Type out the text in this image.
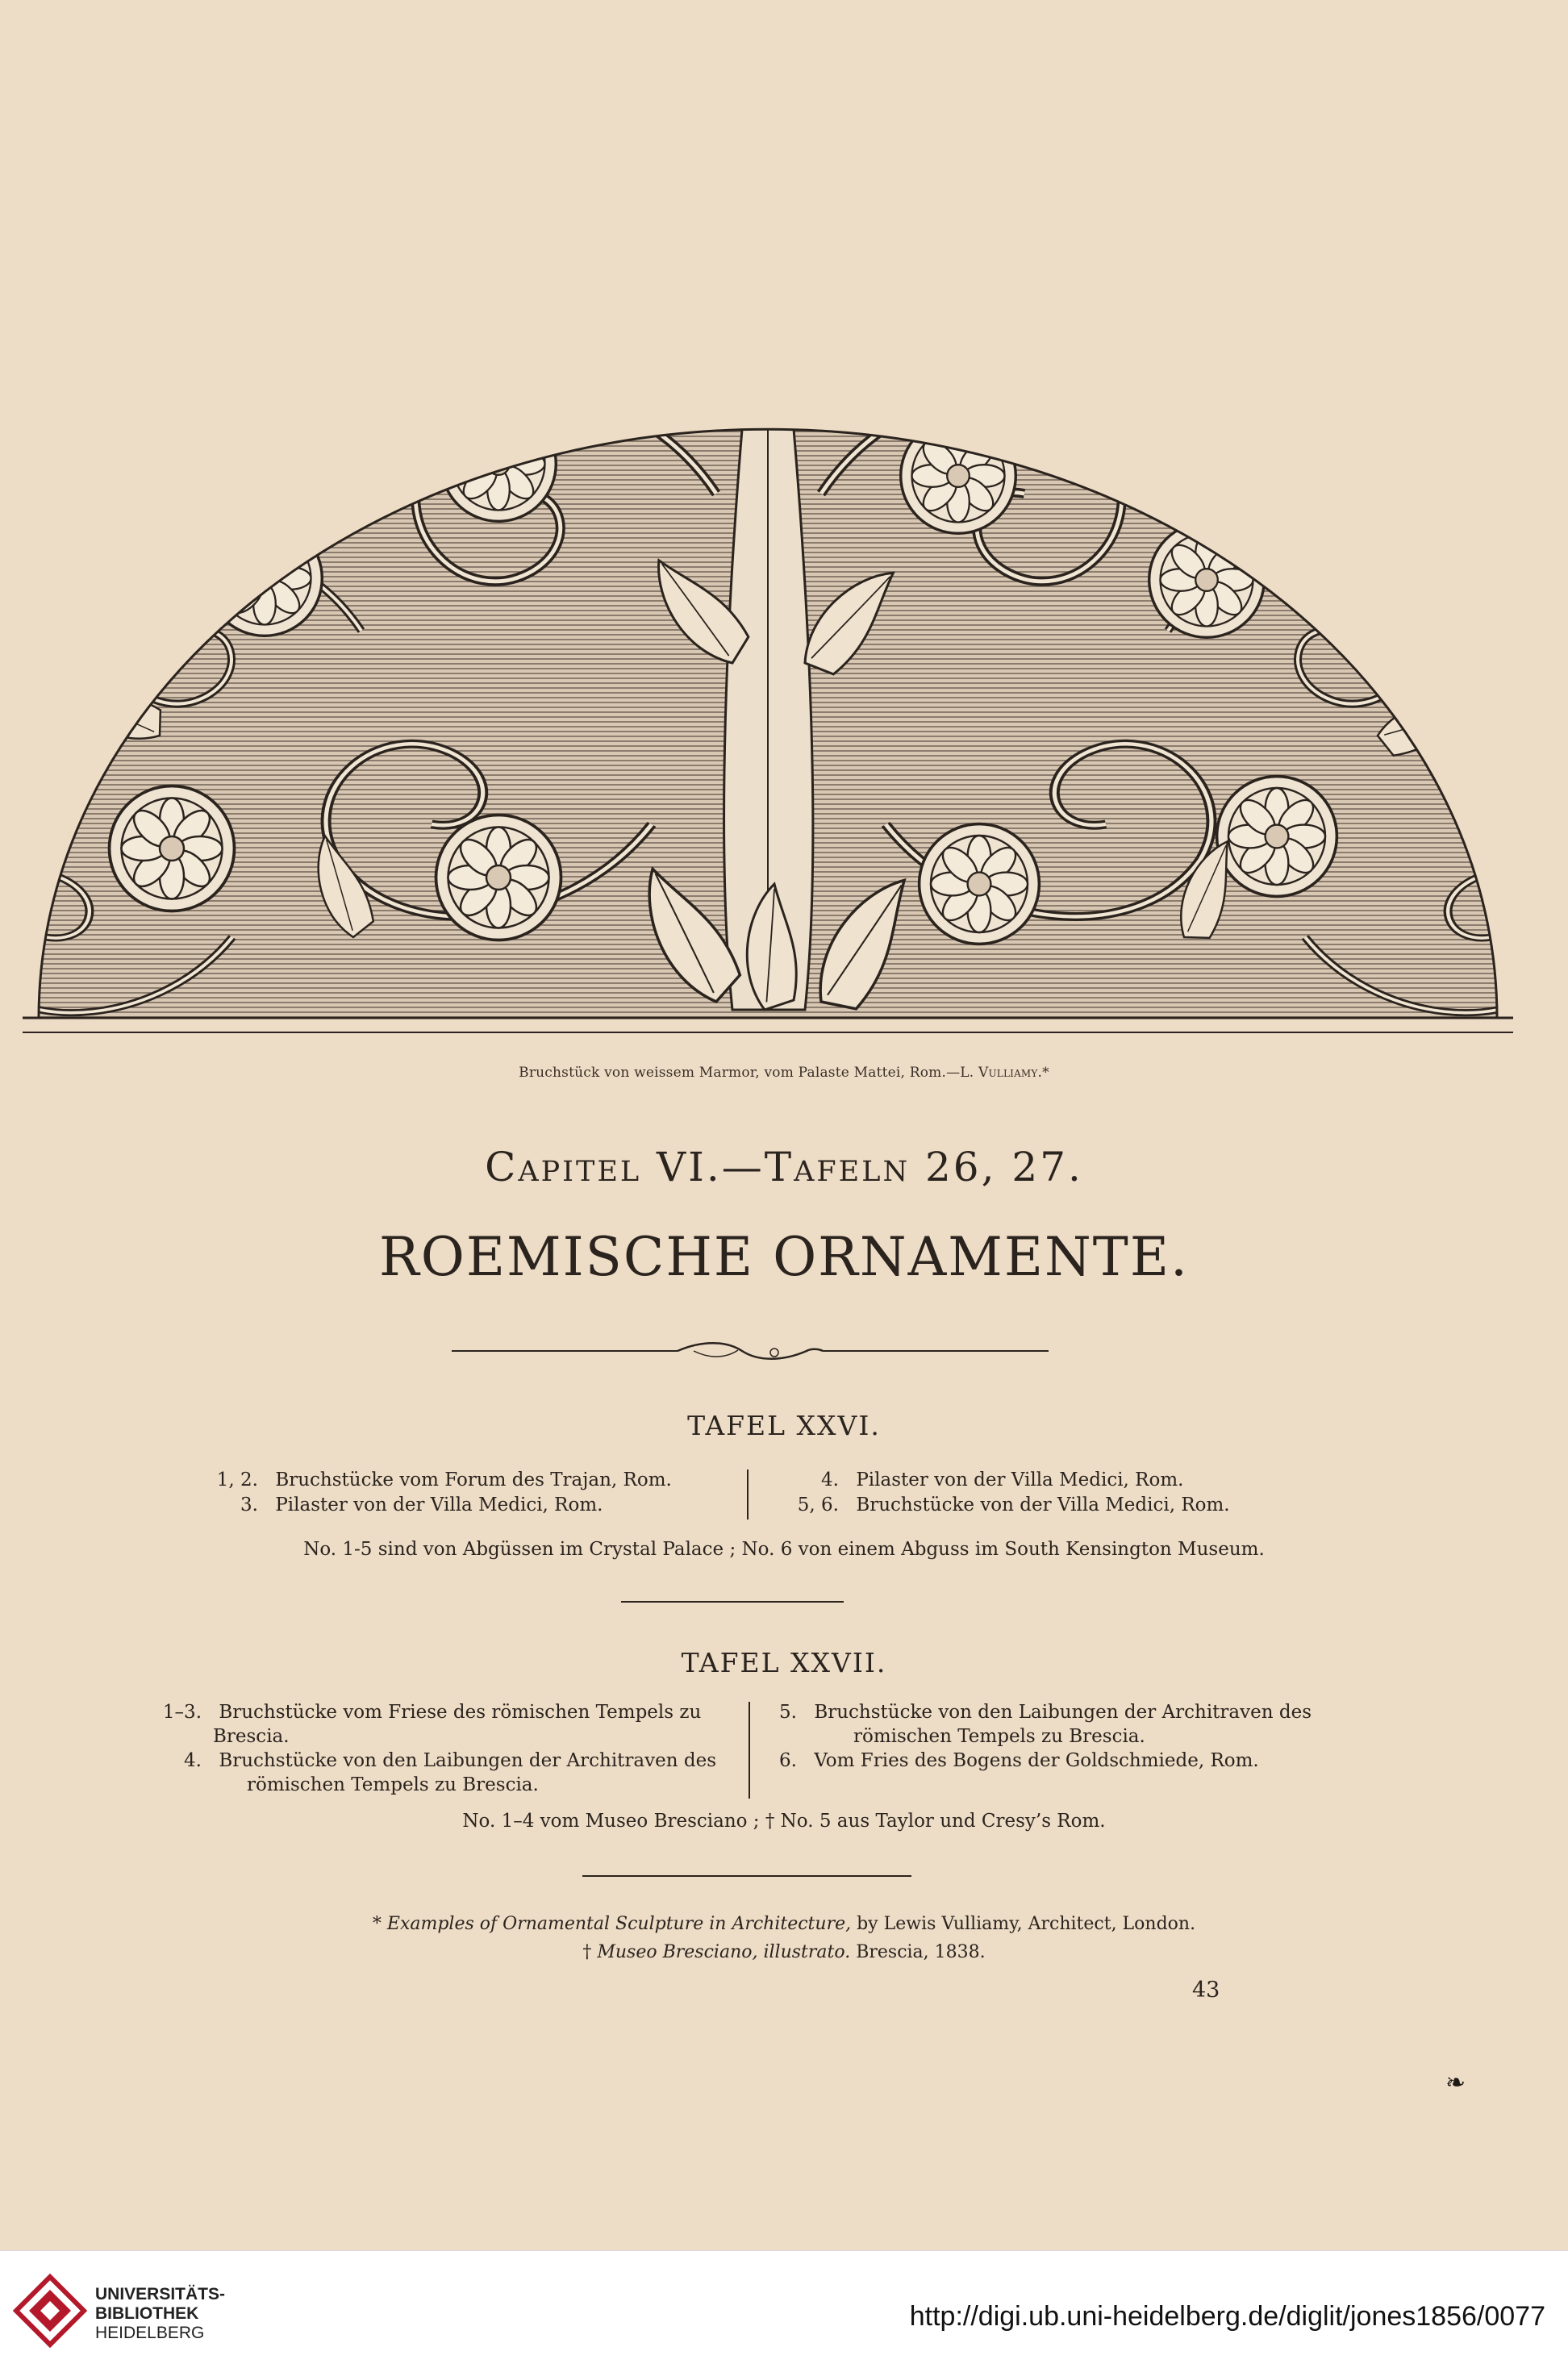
Bruchstück von weissem Marmor, vom Palaste Mattei, Rom.—L. Vulliamy.*
Capitel VI.—Tafeln 26, 27.
ROEMISCHE ORNAMENTE.
TAFEL XXVI.
1, 2. Bruchstücke vom Forum des Trajan, Rom.
3. Pilaster von der Villa Medici, Rom.
4. Pilaster von der Villa Medici, Rom.
5, 6. Bruchstücke von der Villa Medici, Rom.
No. 1-5 sind von Abgüssen im Crystal Palace ; No. 6 von einem Abguss im South Kensington Museum.
TAFEL XXVII.
1–3. Bruchstücke vom Friese des römischen Tempels zu
Brescia.
4. Bruchstücke von den Laibungen der Architraven des
römischen Tempels zu Brescia.
5. Bruchstücke von den Laibungen der Architraven des
römischen Tempels zu Brescia.
6. Vom Fries des Bogens der Goldschmiede, Rom.
No. 1–4 vom Museo Bresciano ; † No. 5 aus Taylor und Cresy’s Rom.
* Examples of Ornamental Sculpture in Architecture, by Lewis Vulliamy, Architect, London.
† Museo Bresciano, illustrato. Brescia, 1838.
43
❧
UNIVERSITÄTS-
BIBLIOTHEK
HEIDELBERG
http://digi.ub.uni-heidelberg.de/diglit/jones1856/0077
